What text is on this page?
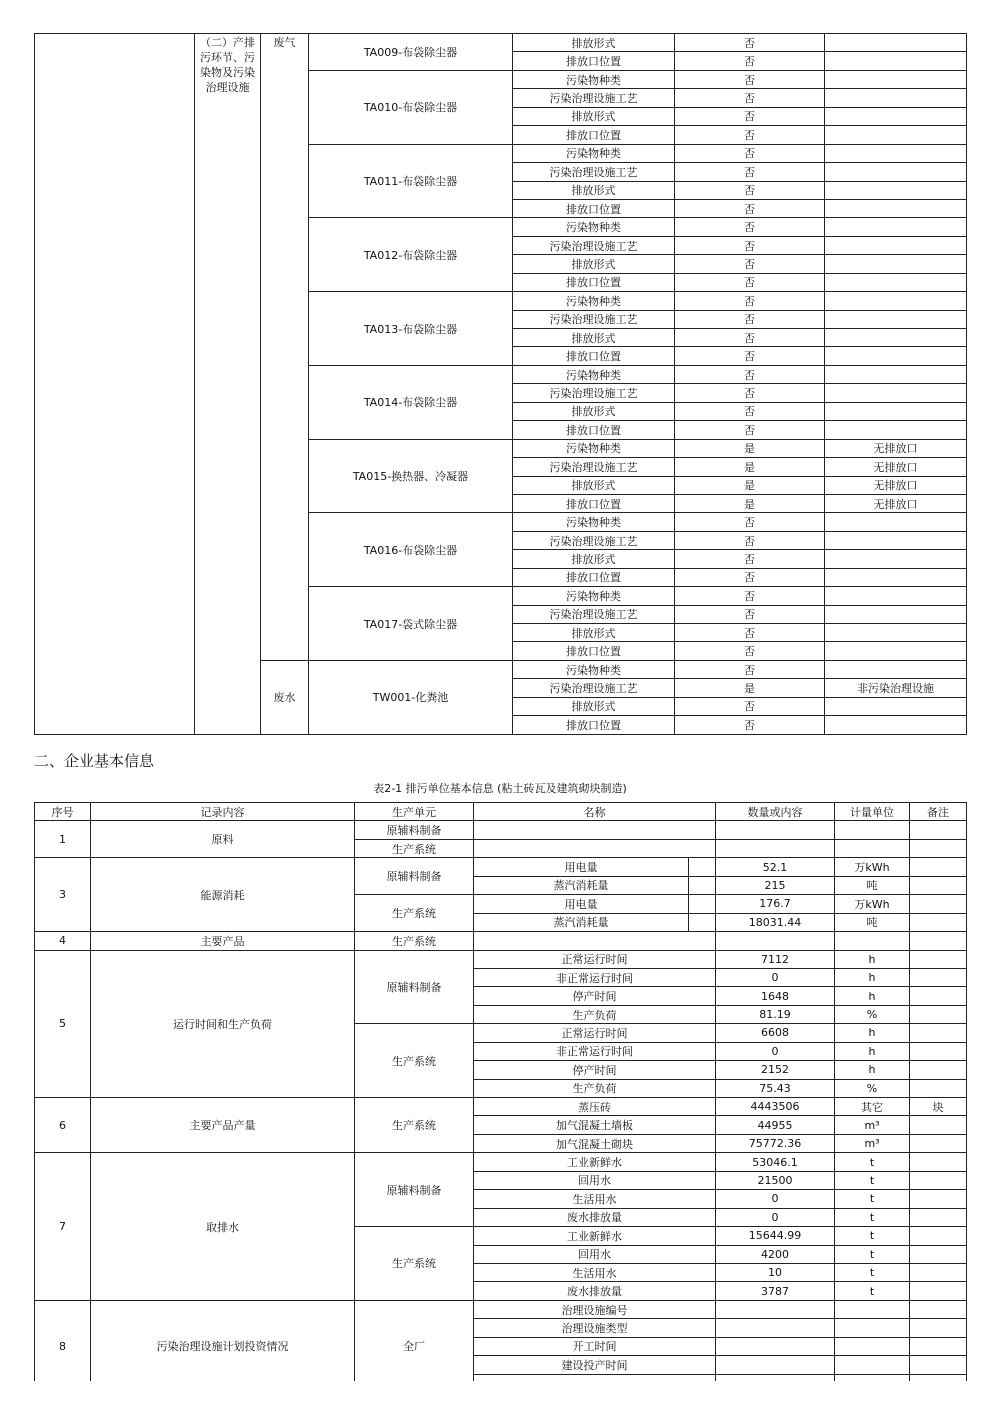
	（二）产排污环节、污染物及污染治理设施	废气	TA009-布袋除尘器	排放形式	否	
				排放口位置	否	
			TA010-布袋除尘器	污染物种类	否	
				污染治理设施工艺	否	
				排放形式	否	
				排放口位置	否	
			TA011-布袋除尘器	污染物种类	否	
				污染治理设施工艺	否	
				排放形式	否	
				排放口位置	否	
			TA012-布袋除尘器	污染物种类	否	
				污染治理设施工艺	否	
				排放形式	否	
				排放口位置	否	
			TA013-布袋除尘器	污染物种类	否	
				污染治理设施工艺	否	
				排放形式	否	
				排放口位置	否	
			TA014-布袋除尘器	污染物种类	否	
				污染治理设施工艺	否	
				排放形式	否	
				排放口位置	否	
			TA015-换热器、冷凝器	污染物种类	是	无排放口
				污染治理设施工艺	是	无排放口
				排放形式	是	无排放口
				排放口位置	是	无排放口
			TA016-布袋除尘器	污染物种类	否	
				污染治理设施工艺	否	
				排放形式	否	
				排放口位置	否	
			TA017-袋式除尘器	污染物种类	否	
				污染治理设施工艺	否	
				排放形式	否	
				排放口位置	否	
		废水	TW001-化粪池	污染物种类	否	
				污染治理设施工艺	是	非污染治理设施
				排放形式	否	
				排放口位置	否	
二、企业基本信息
表2-1 排污单位基本信息 (粘土砖瓦及建筑砌块制造)
序号	记录内容	生产单元	名称		数量或内容	计量单位	备注
1	原料	原辅料制备					
		生产系统					
3	能源消耗	原辅料制备	用电量		52.1	万kWh	
			蒸汽消耗量		215	吨	
		生产系统	用电量		176.7	万kWh	
			蒸汽消耗量		18031.44	吨	
4	主要产品	生产系统					
5	运行时间和生产负荷	原辅料制备	正常运行时间		7112	h	
			非正常运行时间		0	h	
			停产时间		1648	h	
			生产负荷		81.19	%	
		生产系统	正常运行时间		6608	h	
			非正常运行时间		0	h	
			停产时间		2152	h	
			生产负荷		75.43	%	
6	主要产品产量	生产系统	蒸压砖		4443506	其它	块
			加气混凝土墙板		44955	m³	
			加气混凝土砌块		75772.36	m³	
7	取排水	原辅料制备	工业新鲜水		53046.1	t	
			回用水		21500	t	
			生活用水		0	t	
			废水排放量		0	t	
		生产系统	工业新鲜水		15644.99	t	
			回用水		4200	t	
			生活用水		10	t	
			废水排放量		3787	t	
8	污染治理设施计划投资情况	全厂	治理设施编号				
			治理设施类型				
			开工时间				
			建设投产时间				
